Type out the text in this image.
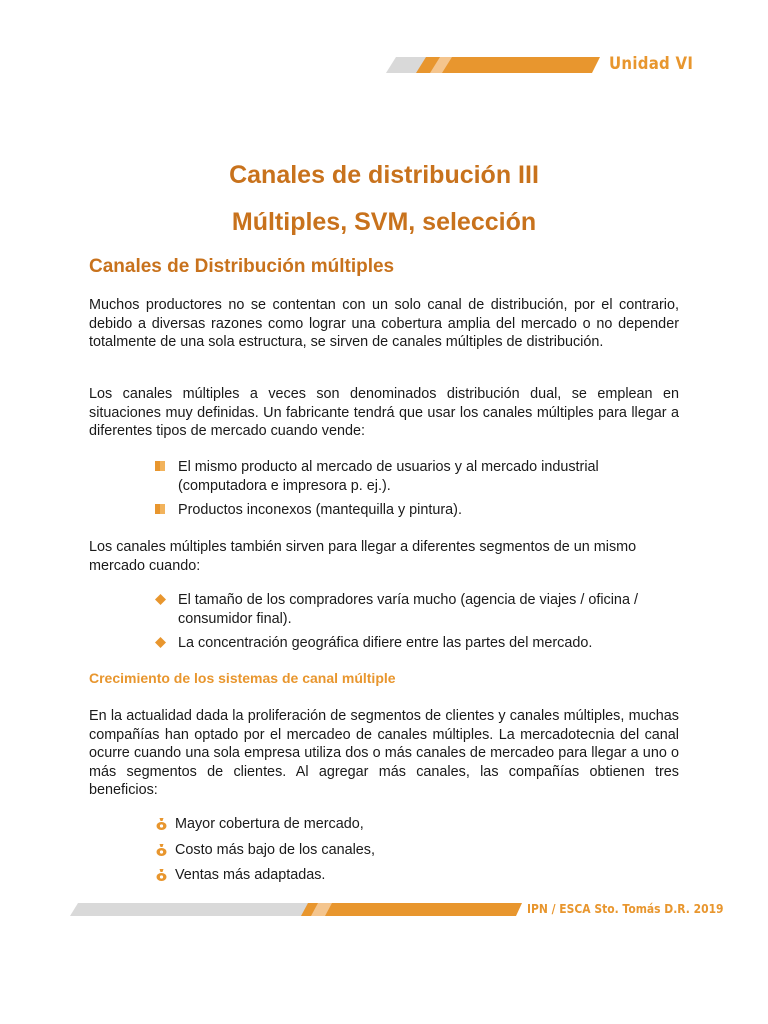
Unidad VI
Canales de distribución III
Múltiples, SVM, selección
Canales de Distribución múltiples

Muchos productores no se contentan con un solo canal de distribución, por el contrario, debido a diversas razones como lograr una cobertura amplia del mercado o no depender totalmente de una sola estructura, se sirven de canales múltiples de distribución.

Los canales múltiples a veces son denominados distribución dual, se emplean en situaciones muy definidas. Un fabricante tendrá que usar los canales múltiples para llegar a diferentes tipos de mercado cuando vende:

El mismo producto al mercado de usuarios y al mercado industrial (computadora e impresora p. ej.).
Productos inconexos (mantequilla y pintura).

Los canales múltiples también sirven para llegar a diferentes segmentos de un mismo mercado cuando:

El tamaño de los compradores varía mucho (agencia de viajes / oficina / consumidor final).
La concentración geográfica difiere entre las partes del mercado.
Crecimiento de los sistemas de canal múltiple

En la actualidad dada la proliferación de segmentos de clientes y canales múltiples, muchas compañías han optado por el mercadeo de canales múltiples. La mercadotecnia del canal ocurre cuando una sola empresa utiliza dos o más canales de mercadeo para llegar a uno o más segmentos de clientes. Al agregar más canales, las compañías obtienen tres beneficios:

Mayor cobertura de mercado,
Costo más bajo de los canales,
Ventas más adaptadas.
IPN / ESCA Sto. Tomás D.R. 2019
